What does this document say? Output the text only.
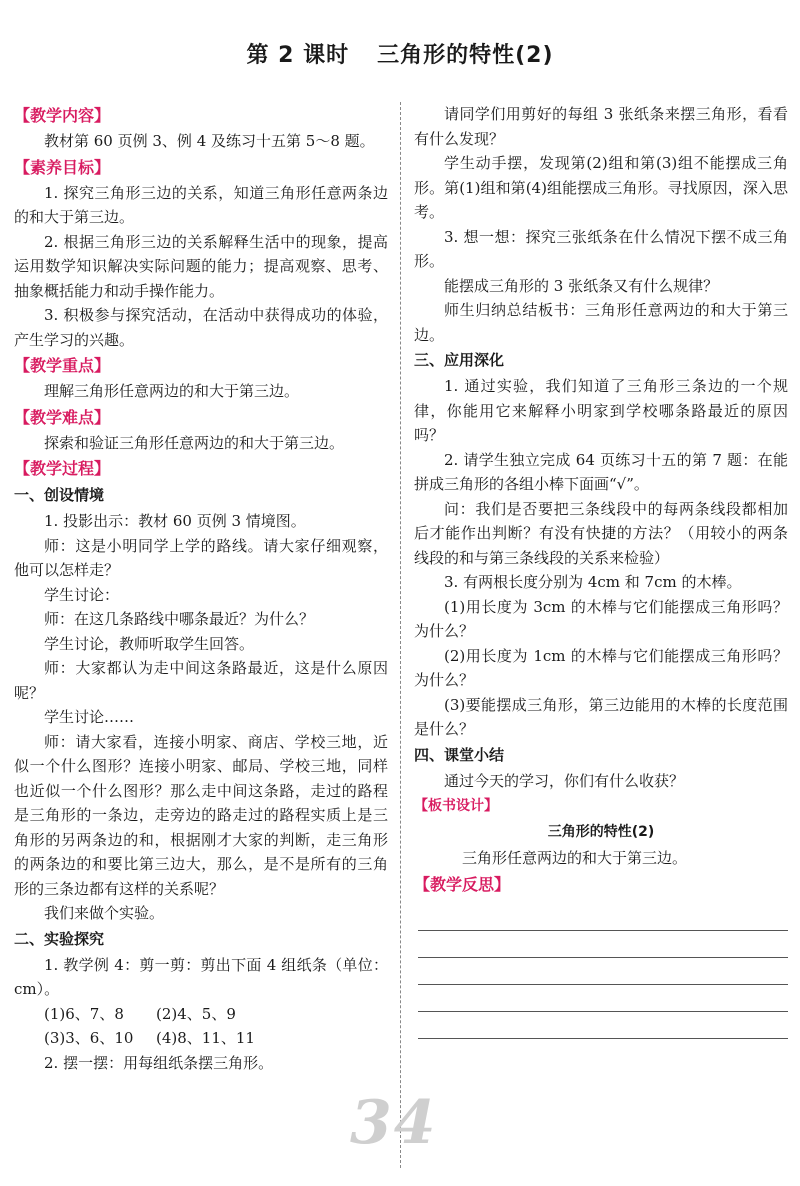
第 2 课时 三角形的特性(2)
【教学内容】

教材第 60 页例 3、例 4 及练习十五第 5～8 题。

【素养目标】

1. 探究三角形三边的关系，知道三角形任意两条边的和大于第三边。

2. 根据三角形三边的关系解释生活中的现象，提高运用数学知识解决实际问题的能力；提高观察、思考、抽象概括能力和动手操作能力。

3. 积极参与探究活动，在活动中获得成功的体验，产生学习的兴趣。

【教学重点】

理解三角形任意两边的和大于第三边。

【教学难点】

探索和验证三角形任意两边的和大于第三边。

【教学过程】
一、创设情境

1. 投影出示：教材 60 页例 3 情境图。

师：这是小明同学上学的路线。请大家仔细观察，他可以怎样走？

学生讨论：

师：在这几条路线中哪条最近？为什么？

学生讨论，教师听取学生回答。

师：大家都认为走中间这条路最近，这是什么原因呢？

学生讨论……

师：请大家看，连接小明家、商店、学校三地，近似一个什么图形？连接小明家、邮局、学校三地，同样也近似一个什么图形？那么走中间这条路，走过的路程是三角形的一条边，走旁边的路走过的路程实质上是三角形的另两条边的和，根据刚才大家的判断，走三角形的两条边的和要比第三边大，那么，是不是所有的三角形的三条边都有这样的关系呢？

我们来做个实验。

二、实验探究

1. 教学例 4：剪一剪：剪出下面 4 组纸条（单位：cm）。

(1)6、7、8	(2)4、5、9
(3)3、6、10	(4)8、11、11

2. 摆一摆：用每组纸条摆三角形。

请同学们用剪好的每组 3 张纸条来摆三角形，看看有什么发现？

学生动手摆，发现第(2)组和第(3)组不能摆成三角形。第(1)组和第(4)组能摆成三角形。寻找原因，深入思考。

3. 想一想：探究三张纸条在什么情况下摆不成三角形。

能摆成三角形的 3 张纸条又有什么规律？

师生归纳总结板书：三角形任意两边的和大于第三边。

三、应用深化

1. 通过实验，我们知道了三角形三条边的一个规律，你能用它来解释小明家到学校哪条路最近的原因吗？

2. 请学生独立完成 64 页练习十五的第 7 题：在能拼成三角形的各组小棒下面画“√”。

问：我们是否要把三条线段中的每两条线段都相加后才能作出判断？有没有快捷的方法？（用较小的两条线段的和与第三条线段的关系来检验）

3. 有两根长度分别为 4cm 和 7cm 的木棒。

(1)用长度为 3cm 的木棒与它们能摆成三角形吗？为什么？

(2)用长度为 1cm 的木棒与它们能摆成三角形吗？为什么？

(3)要能摆成三角形，第三边能用的木棒的长度范围是什么？

四、课堂小结

通过今天的学习，你们有什么收获？

【板书设计】
三角形的特性(2)
三角形任意两边的和大于第三边。
【教学反思】
34
